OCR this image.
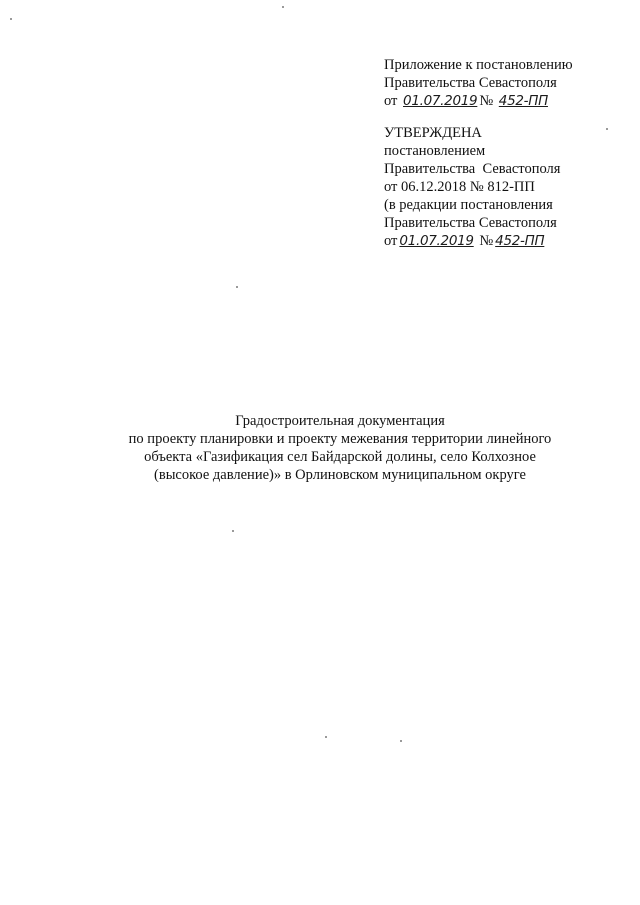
Приложение к постановлению
Правительства Севастополя
от 01.07.2019 № 452-ПП
УТВЕРЖДЕНА
постановлением
Правительства  Севастополя
от 06.12.2018 № 812-ПП
(в редакции постановления
Правительства Севастополя
от 01.07.2019 № 452-ПП
Градостроительная документация
по проекту планировки и проекту межевания территории линейного
объекта «Газификация сел Байдарской долины, село Колхозное
(высокое давление)» в Орлиновском муниципальном округе
